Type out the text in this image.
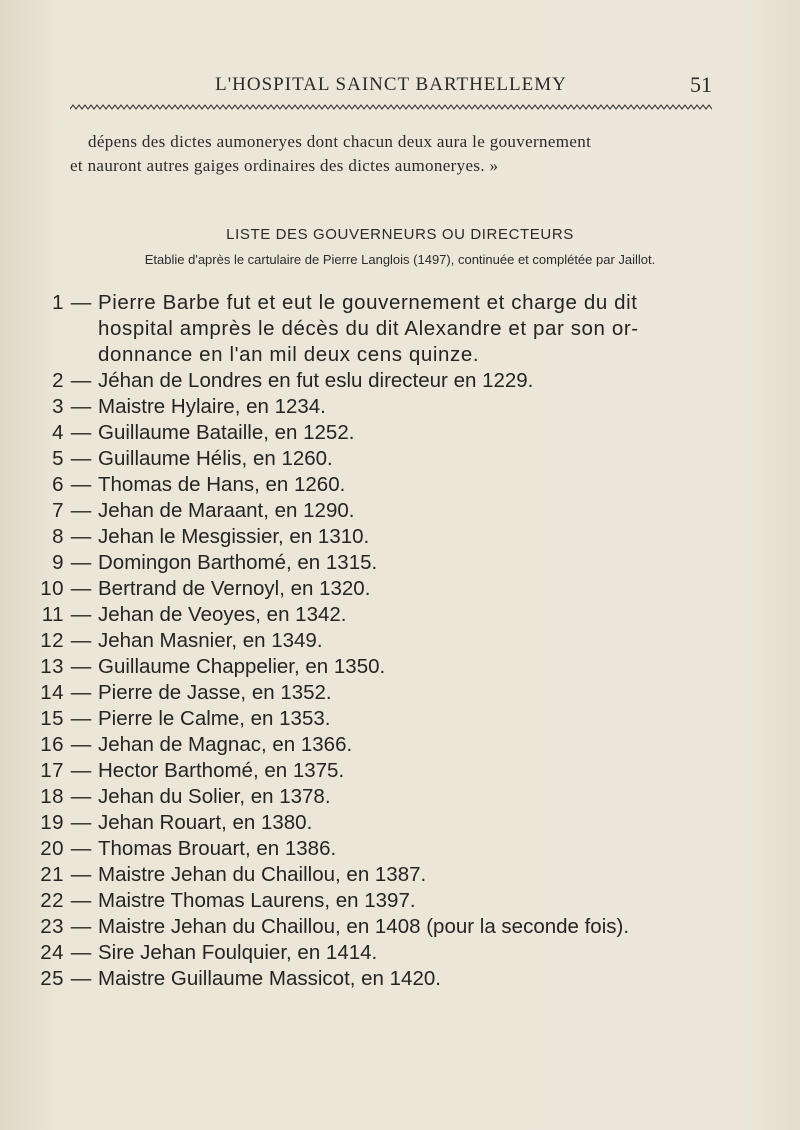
L'HOSPITAL SAINCT BARTHELLEMY	51
dépens des dictes aumoneryes dont chacun deux aura le gouvernement
et nauront autres gaiges ordinaires des dictes aumoneryes. »
LISTE DES GOUVERNEURS OU DIRECTEURS
Etablie d'après le cartulaire de Pierre Langlois (1497), continuée et complétée par Jaillot.
1 — Pierre Barbe fut et eut le gouvernement et charge du dit
hospital amprès le décès du dit Alexandre et par son or-
donnance en l'an mil deux cens quinze.
2 — Jéhan de Londres en fut eslu directeur en 1229.
3 — Maistre Hylaire, en 1234.
4 — Guillaume Bataille, en 1252.
5 — Guillaume Hélis, en 1260.
6 — Thomas de Hans, en 1260.
7 — Jehan de Maraant, en 1290.
8 — Jehan le Mesgissier, en 1310.
9 — Domingon Barthomé, en 1315.
10 — Bertrand de Vernoyl, en 1320.
11 — Jehan de Veoyes, en 1342.
12 — Jehan Masnier, en 1349.
13 — Guillaume Chappelier, en 1350.
14 — Pierre de Jasse, en 1352.
15 — Pierre le Calme, en 1353.
16 — Jehan de Magnac, en 1366.
17 — Hector Barthomé, en 1375.
18 — Jehan du Solier, en 1378.
19 — Jehan Rouart, en 1380.
20 — Thomas Brouart, en 1386.
21 — Maistre Jehan du Chaillou, en 1387.
22 — Maistre Thomas Laurens, en 1397.
23 — Maistre Jehan du Chaillou, en 1408 (pour la seconde fois).
24 — Sire Jehan Foulquier, en 1414.
25 — Maistre Guillaume Massicot, en 1420.
